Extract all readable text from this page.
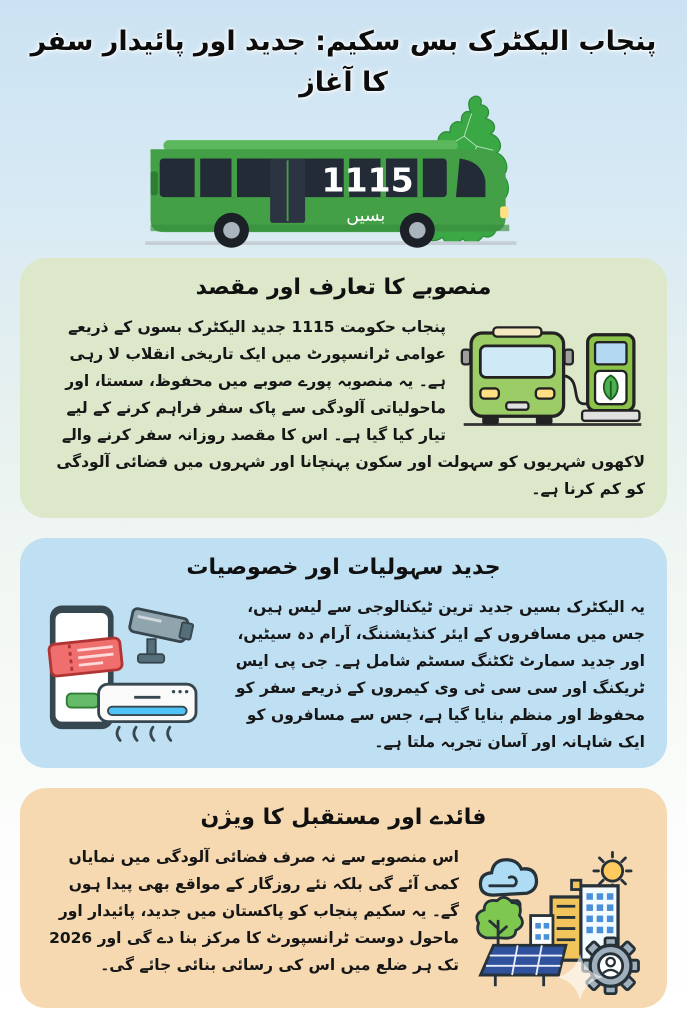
پنجاب الیکٹرک بس سکیم: جدید اور پائیدار سفر کا آغاز
1115
بسیں
منصوبے کا تعارف اور مقصد

پنجاب حکومت 1115 جدید الیکٹرک بسوں کے ذریعے عوامی ٹرانسپورٹ میں ایک تاریخی انقلاب لا رہی ہے۔ یہ منصوبہ پورے صوبے میں محفوظ، سستا، اور ماحولیاتی آلودگی سے پاک سفر فراہم کرنے کے لیے تیار کیا گیا ہے۔ اس کا مقصد روزانہ سفر کرنے والے لاکھوں شہریوں کو سہولت اور سکون پہنچانا اور شہروں میں فضائی آلودگی کو کم کرنا ہے۔

جدید سہولیات اور خصوصیات

یہ الیکٹرک بسیں جدید ترین ٹیکنالوجی سے لیس ہیں، جس میں مسافروں کے ایئر کنڈیشننگ، آرام دہ سیٹیں، اور جدید سمارٹ ٹکٹنگ سسٹم شامل ہے۔ جی پی ایس ٹریکنگ اور سی سی ٹی وی کیمروں کے ذریعے سفر کو محفوظ اور منظم بنایا گیا ہے، جس سے مسافروں کو ایک شاہانہ اور آسان تجربہ ملتا ہے۔

فائدے اور مستقبل کا ویژن

اس منصوبے سے نہ صرف فضائی آلودگی میں نمایاں کمی آئے گی بلکہ نئے روزگار کے مواقع بھی پیدا ہوں گے۔ یہ سکیم پنجاب کو پاکستان میں جدید، پائیدار اور ماحول دوست ٹرانسپورٹ کا مرکز بنا دے گی اور 2026 تک ہر ضلع میں اس کی رسائی بنائی جائے گی۔
